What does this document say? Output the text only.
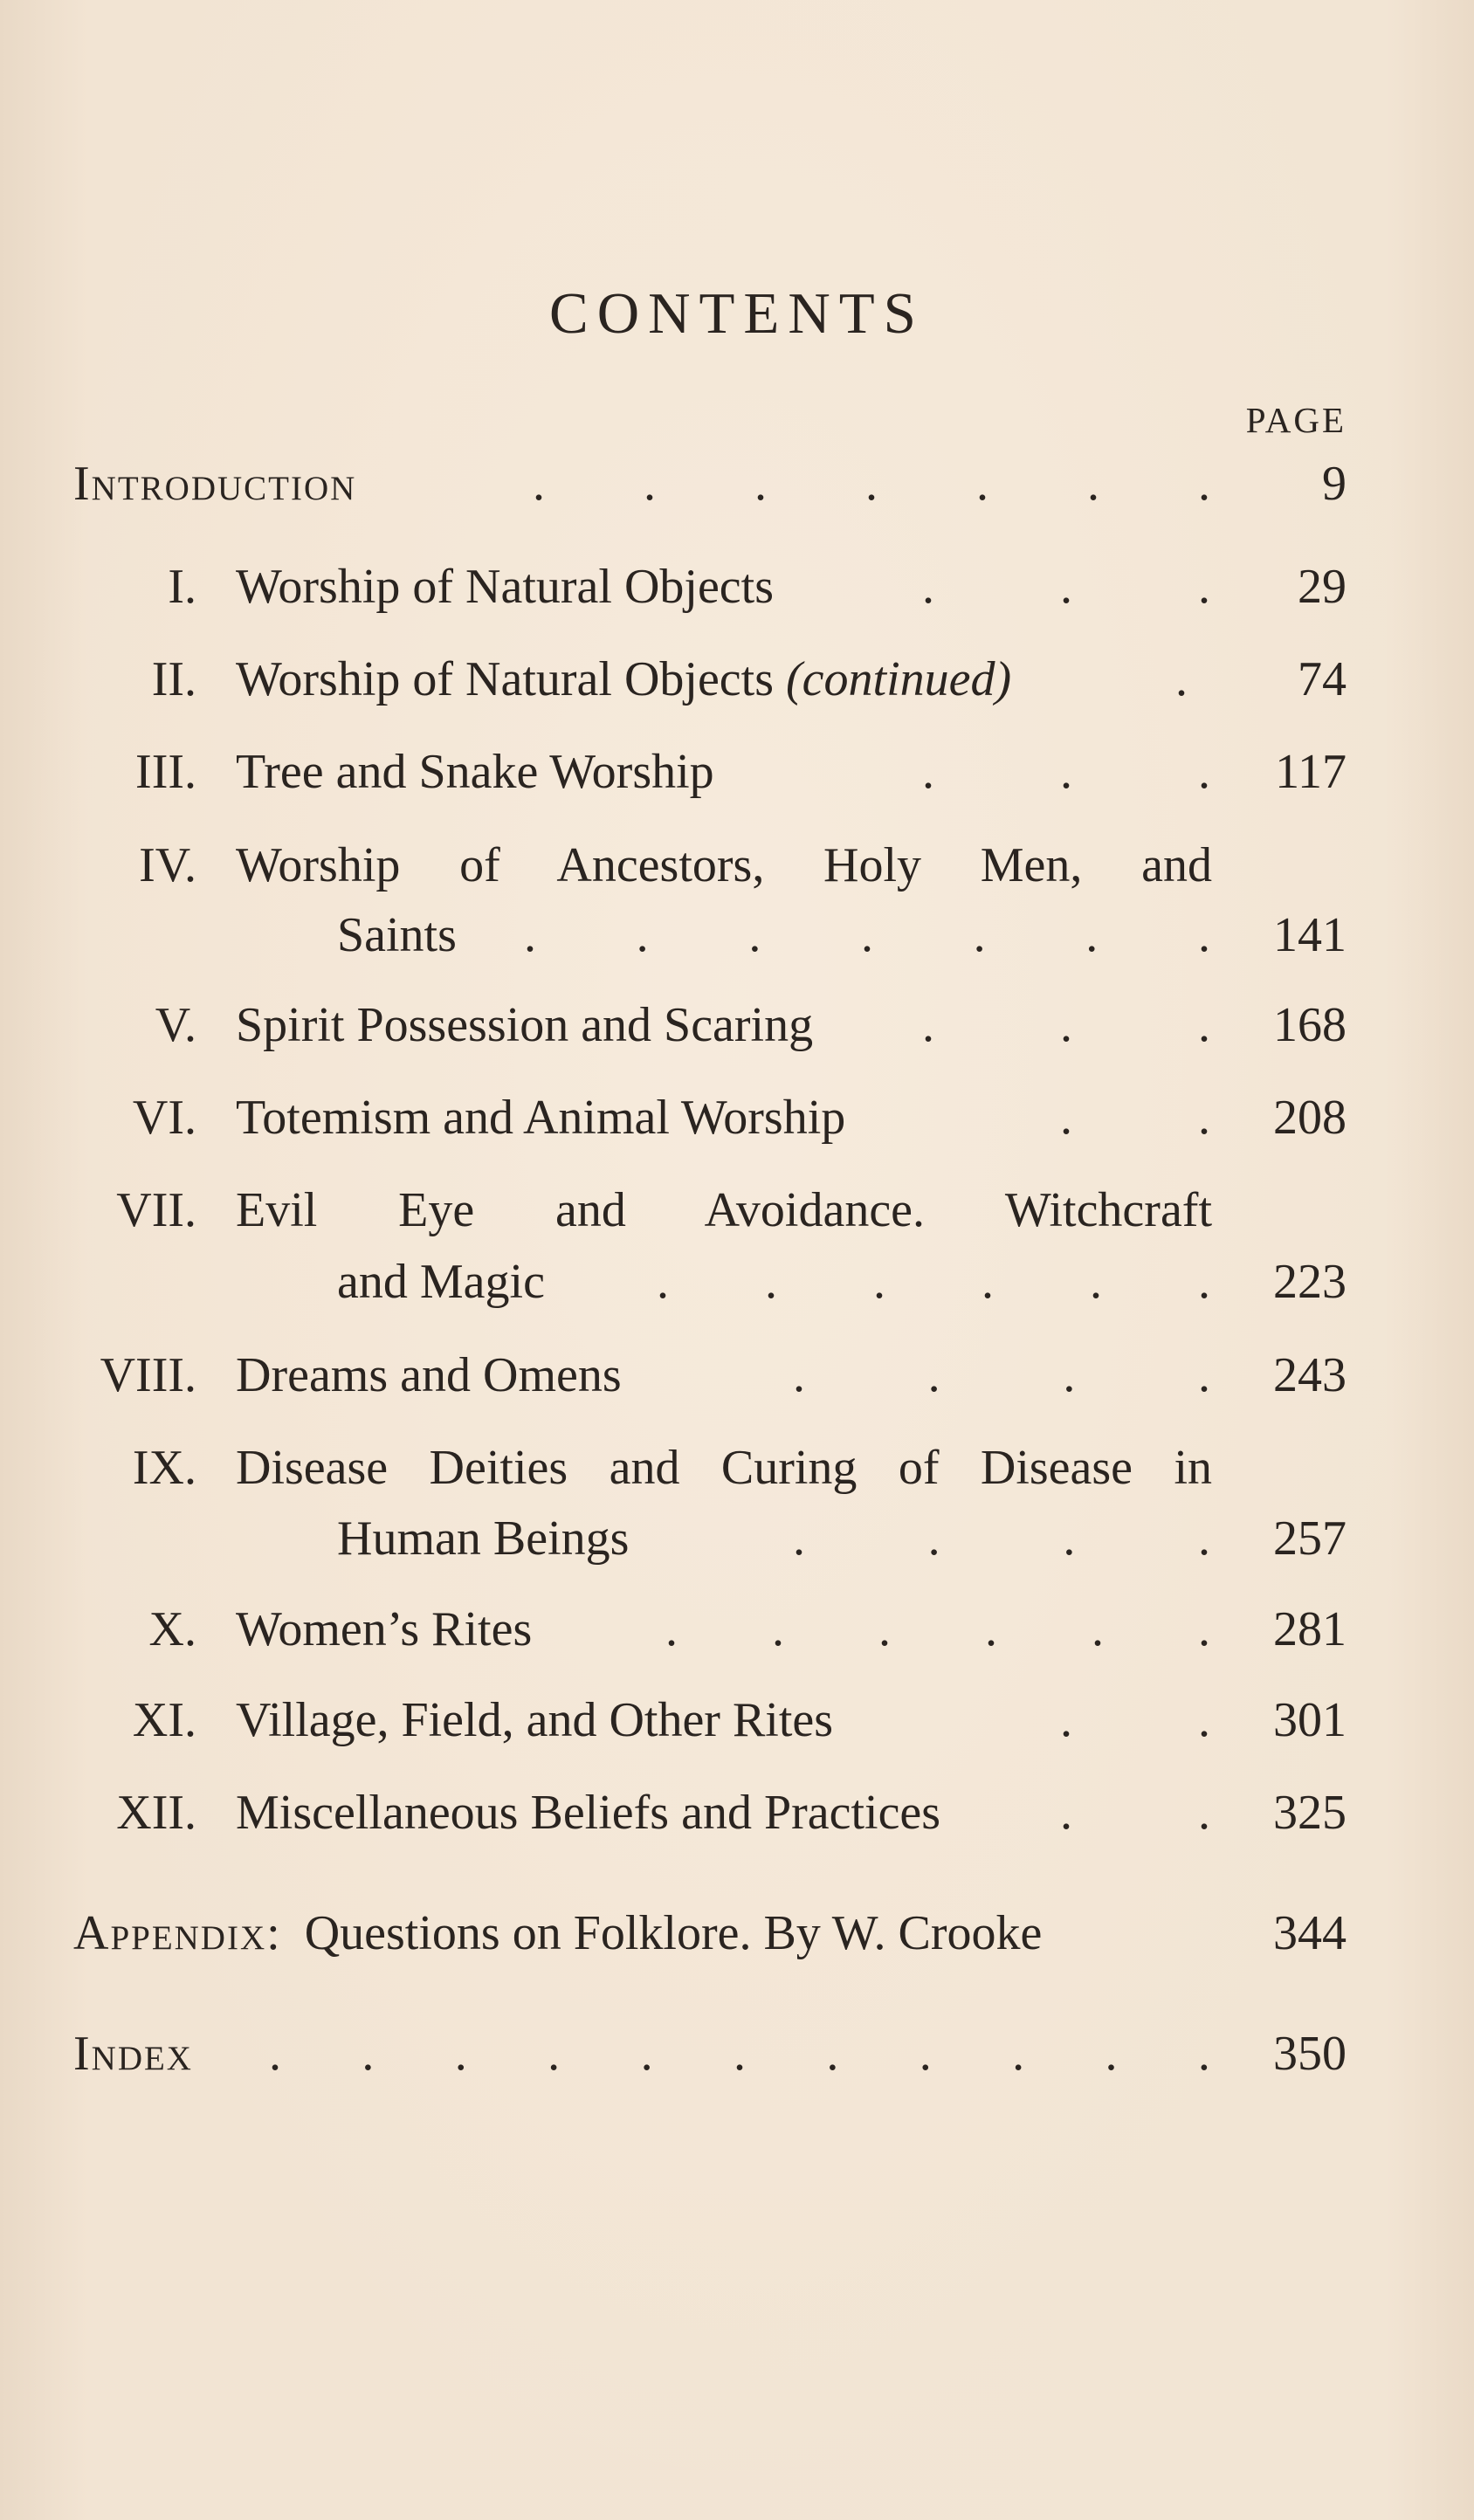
CONTENTS
PAGE
Introduction	. . . . . . . 9
I. Worship of Natural Objects	.	.	. 29
II. Worship of Natural Objects (continued)	. 74
III. Tree and Snake Worship	.	.	. 117
IV. Worship of Ancestors, Holy Men, and
Saints . . . . . . . 141
V. Spirit Possession and Scaring .	.	. 168
VI. Totemism and Animal Worship	.	. 208
VII. Evil Eye and Avoidance. Witchcraft
and Magic . . . . . . 223
VIII. Dreams and Omens	.	.	.	. 243
IX. Disease Deities and Curing of Disease in
Human Beings	.	.	.	. 257
X. Women’s Rites	. . . . . . 281
XI. Village, Field, and Other Rites	.	. 301
XII. Miscellaneous Beliefs and Practices .	. 325
Appendix: Questions on Folklore. By W. Crooke	344
Index . . . . . . . . . . . 350
